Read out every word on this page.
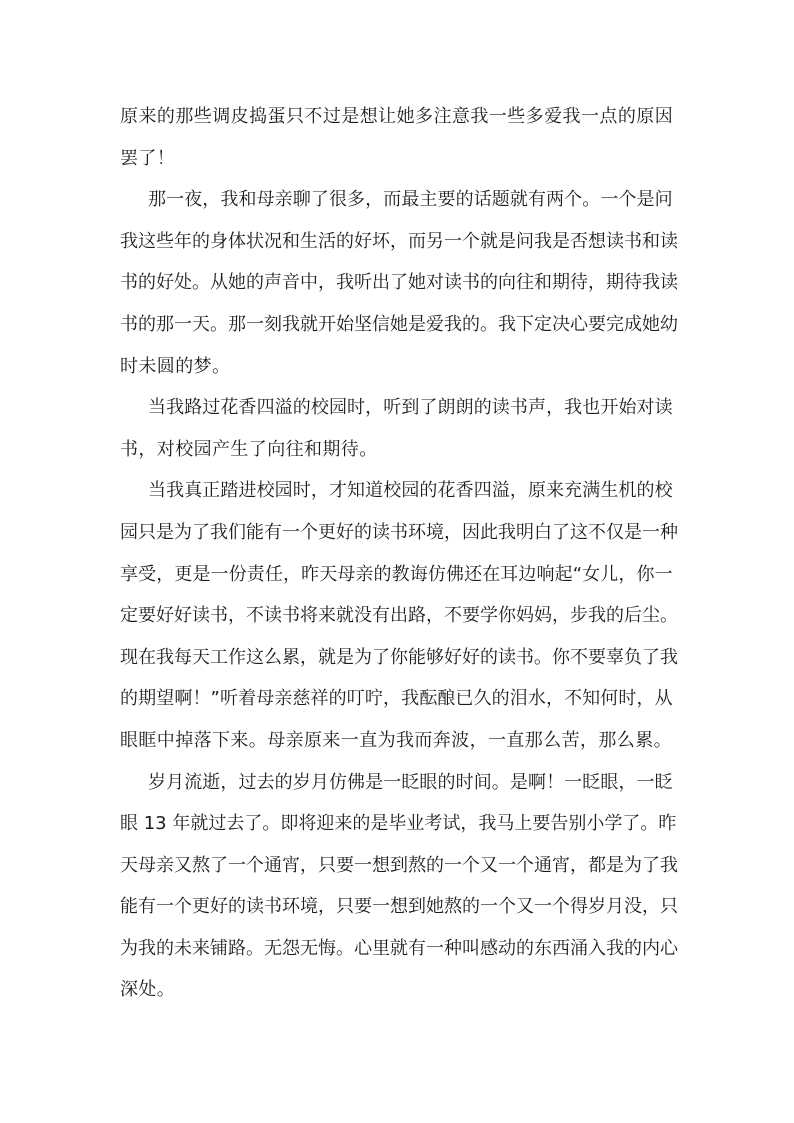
原 来 的 那 些 调 皮 捣 蛋 只 不 过 是 想 让 她 多 注 意 我 一 些 多 爱 我 一 点 的 原 因
罢了！
那 一 夜 ， 我 和 母 亲 聊 了 很 多 ， 而 最 主 要 的 话 题 就 有 两 个 。 一 个 是 问
我 这 些 年 的 身 体 状 况 和 生 活 的 好 坏 ， 而 另 一 个 就 是 问 我 是 否 想 读 书 和 读
书 的 好 处 。 从 她 的 声 音 中 ， 我 听 出 了 她 对 读 书 的 向 往 和 期 待 ， 期 待 我 读
书 的 那 一 天 。 那 一 刻 我 就 开 始 坚 信 她 是 爱 我 的 。 我 下 定 决 心 要 完 成 她 幼
时未圆的梦。
当 我 路 过 花 香 四 溢 的 校 园 时 ， 听 到 了 朗 朗 的 读 书 声 ， 我 也 开 始 对 读
书，对校园产生了向往和期待。
当 我 真 正 踏 进 校 园 时 ， 才 知 道 校 园 的 花 香 四 溢 ， 原 来 充 满 生 机 的 校
园 只 是 为 了 我 们 能 有 一 个 更 好 的 读 书 环 境 ， 因 此 我 明 白 了 这 不 仅 是 一 种
享 受 ， 更 是 一 份 责 任 ， 昨 天 母 亲 的 教 诲 仿 佛 还 在 耳 边 响 起 “ 女 儿 ， 你 一
定 要 好 好 读 书 ， 不 读 书 将 来 就 没 有 出 路 ， 不 要 学 你 妈 妈 ， 步 我 的 后 尘 。
现 在 我 每 天 工 作 这 么 累 ， 就 是 为 了 你 能 够 好 好 的 读 书 。 你 不 要 辜 负 了 我
的 期 望 啊 ！ ” 听 着 母 亲 慈 祥 的 叮 咛 ， 我 酝 酿 已 久 的 泪 水 ， 不 知 何 时 ， 从
眼眶中掉落下来。母亲原来一直为我而奔波，一直那么苦，那么累。
岁 月 流 逝 ， 过 去 的 岁 月 仿 佛 是 一 眨 眼 的 时 间 。 是 啊 ！ 一 眨 眼 ， 一 眨
眼 13 年 就 过 去 了 。 即 将 迎 来 的 是 毕 业 考 试 ， 我 马 上 要 告 别 小 学 了 。 昨
天 母 亲 又 熬 了 一 个 通 宵 ， 只 要 一 想 到 熬 的 一 个 又 一 个 通 宵 ， 都 是 为 了 我
能 有 一 个 更 好 的 读 书 环 境 ， 只 要 一 想 到 她 熬 的 一 个 又 一 个 得 岁 月 没 ， 只
为 我 的 未 来 铺 路 。 无 怨 无 悔 。 心 里 就 有 一 种 叫 感 动 的 东 西 涌 入 我 的 内 心
深处。
